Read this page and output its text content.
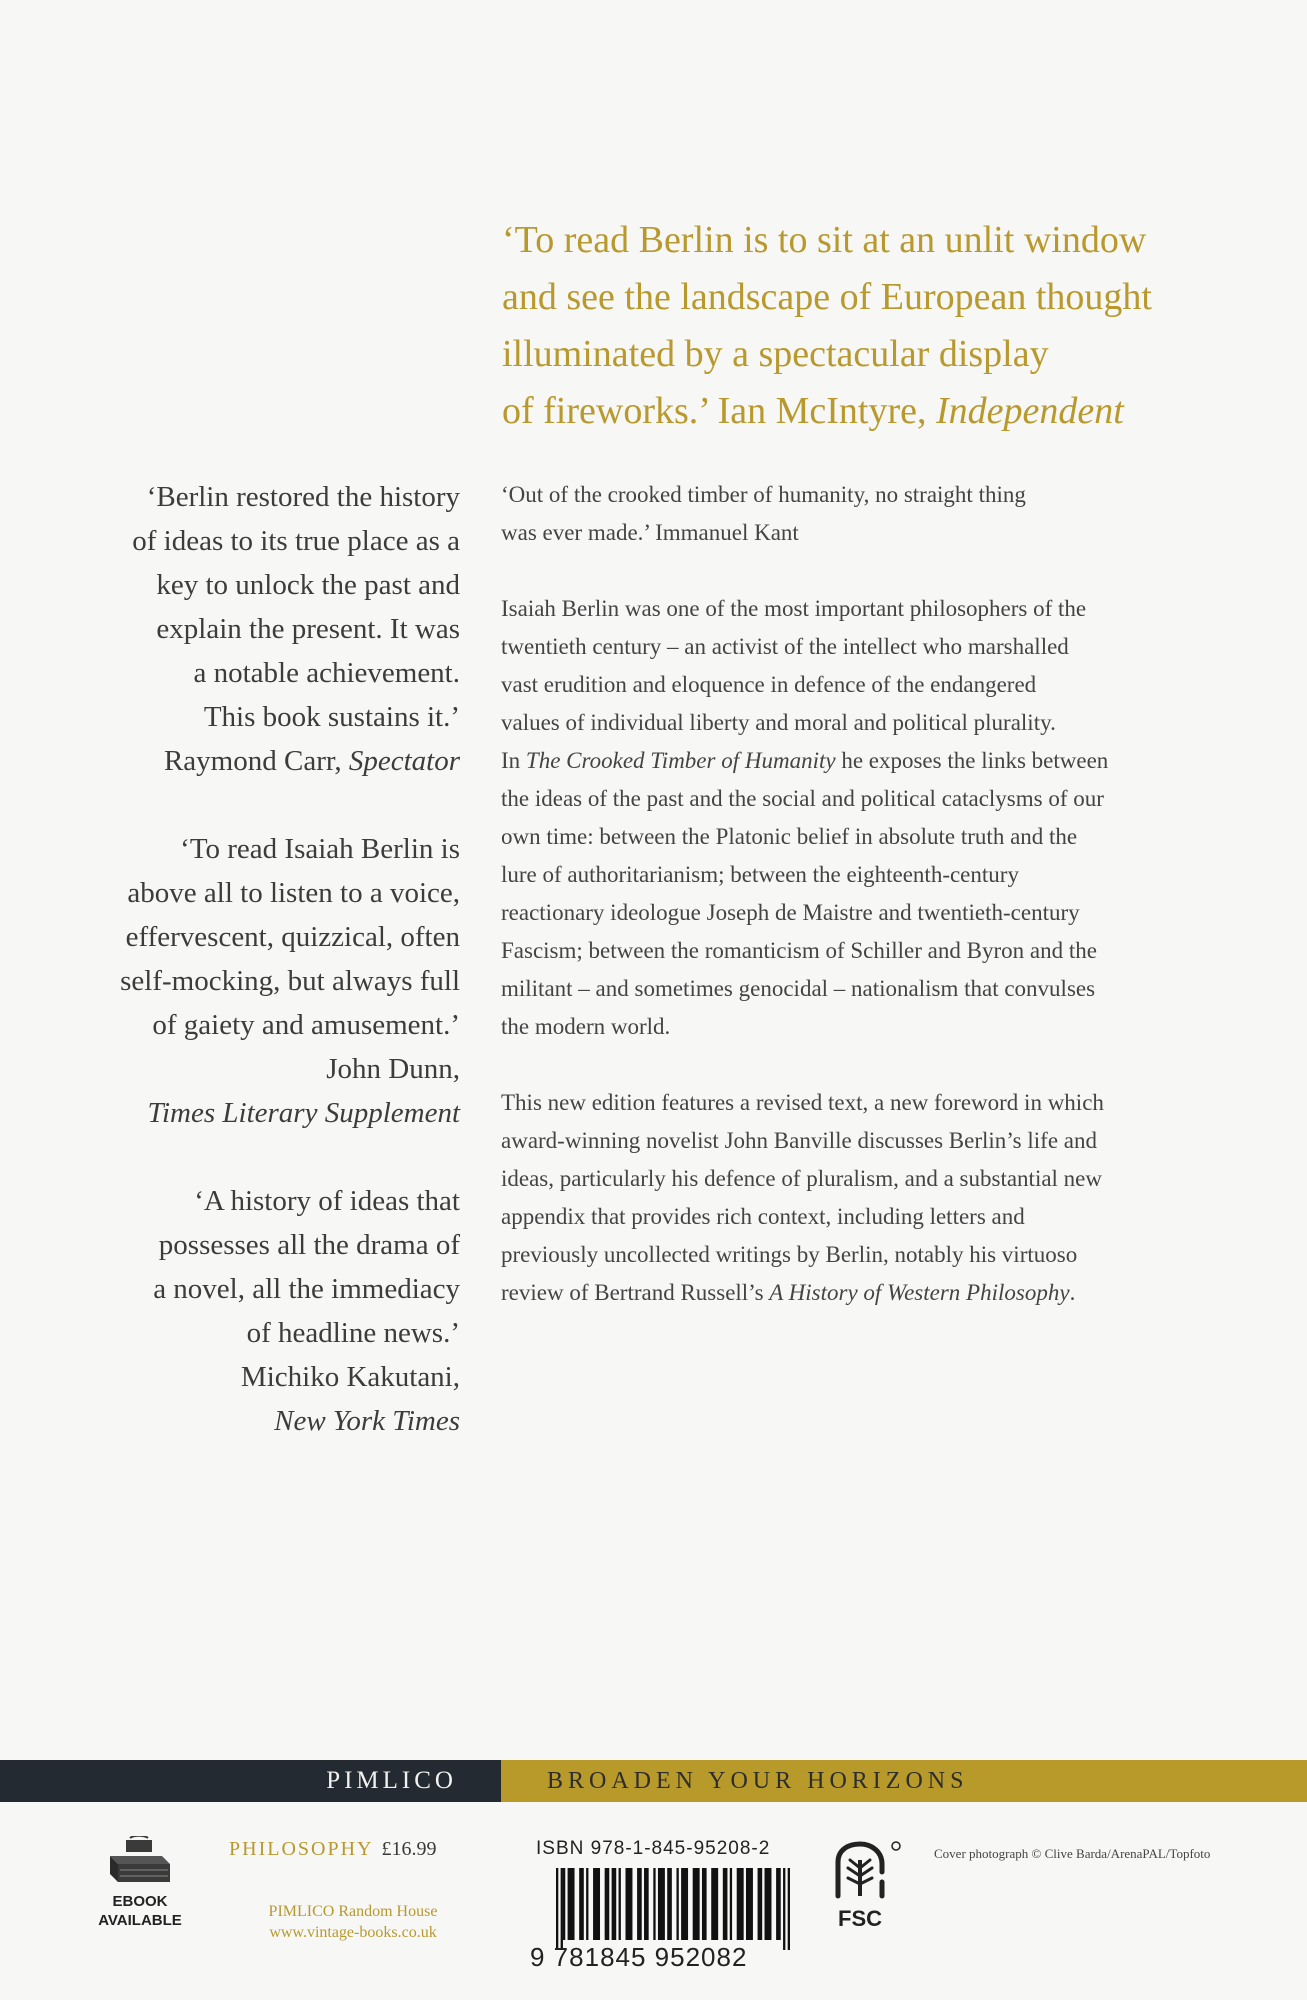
‘To read Berlin is to sit at an unlit window
and see the landscape of European thought
illuminated by a spectacular display
of fireworks.’ Ian McIntyre, Independent
‘Berlin restored the history
of ideas to its true place as a
key to unlock the past and
explain the present. It was
a notable achievement.
This book sustains it.’
Raymond Carr, Spectator
‘To read Isaiah Berlin is
above all to listen to a voice,
effervescent, quizzical, often
self-mocking, but always full
of gaiety and amusement.’
John Dunn,
Times Literary Supplement
‘A history of ideas that
possesses all the drama of
a novel, all the immediacy
of headline news.’
Michiko Kakutani,
New York Times
‘Out of the crooked timber of humanity, no straight thing
was ever made.’ Immanuel Kant
Isaiah Berlin was one of the most important philosophers of the
twentieth century – an activist of the intellect who marshalled
vast erudition and eloquence in defence of the endangered
values of individual liberty and moral and political plurality.
In The Crooked Timber of Humanity he exposes the links between
the ideas of the past and the social and political cataclysms of our
own time: between the Platonic belief in absolute truth and the
lure of authoritarianism; between the eighteenth-century
reactionary ideologue Joseph de Maistre and twentieth-century
Fascism; between the romanticism of Schiller and Byron and the
militant – and sometimes genocidal – nationalism that convulses
the modern world.
This new edition features a revised text, a new foreword in which
award-winning novelist John Banville discusses Berlin’s life and
ideas, particularly his defence of pluralism, and a substantial new
appendix that provides rich context, including letters and
previously uncollected writings by Berlin, notably his virtuoso
review of Bertrand Russell’s A History of Western Philosophy.
PIMLICO	BROADEN YOUR HORIZONS
EBOOK
AVAILABLE
PHILOSOPHY £16.99
PIMLICO Random House
www.vintage-books.co.uk
ISBN 978-1-845-95208-2
9 781845 952082
FSC
Cover photograph © Clive Barda/ArenaPAL/Topfoto
